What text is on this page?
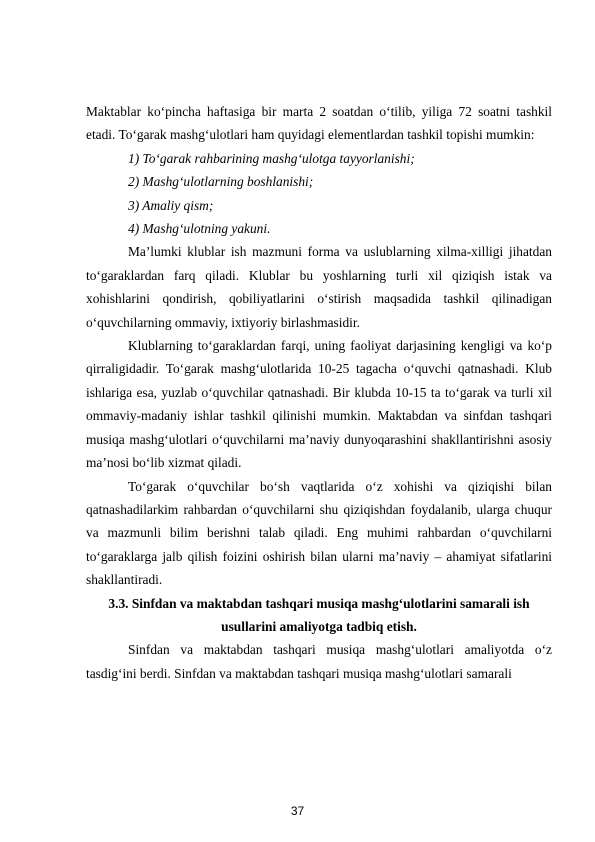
Maktablar ko‘pincha haftasiga bir marta 2 soatdan o‘tilib, yiliga 72 soatni tashkil etadi. To‘garak mashg‘ulotlari ham quyidagi elementlardan tashkil topishi mumkin:

1) To‘garak rahbarining mashg‘ulotga tayyorlanishi;

2) Mashg‘ulotlarning boshlanishi;

3) Amaliy qism;

4) Mashg‘ulotning yakuni.

Ma’lumki klublar ish mazmuni forma va uslublarning xilma-xilligi jihatdan to‘garaklardan farq qiladi. Klublar bu yoshlarning turli xil qiziqish istak va xohishlarini qondirish, qobiliyatlarini o‘stirish maqsadida tashkil qilinadigan o‘quvchilarning ommaviy, ixtiyoriy birlashmasidir.

Klublarning to‘garaklardan farqi, uning faoliyat darjasining kengligi va ko‘p qirraligidadir. To‘garak mashg‘ulotlarida 10-25 tagacha o‘quvchi qatnashadi. Klub ishlariga esa, yuzlab o‘quvchilar qatnashadi. Bir klubda 10-15 ta to‘garak va turli xil ommaviy-madaniy ishlar tashkil qilinishi mumkin. Maktabdan va sinfdan tashqari musiqa mashg‘ulotlari o‘quvchilarni ma’naviy dunyoqarashini shakllantirishni asosiy ma’nosi bo‘lib xizmat qiladi.

To‘garak o‘quvchilar bo‘sh vaqtlarida o‘z xohishi va qiziqishi bilan qatnashadilarkim rahbardan o‘quvchilarni shu qiziqishdan foydalanib, ularga chuqur va mazmunli bilim berishni talab qiladi. Eng muhimi rahbardan o‘quvchilarni to‘garaklarga jalb qilish foizini oshirish bilan ularni ma’naviy – ahamiyat sifatlarini shakllantiradi.

3.3. Sinfdan va maktabdan tashqari musiqa mashg‘ulotlarini samarali ish usullarini amaliyotga tadbiq etish.

Sinfdan va maktabdan tashqari musiqa mashg‘ulotlari amaliyotda o‘z tasdig‘ini berdi. Sinfdan va maktabdan tashqari musiqa mashg‘ulotlari samarali

37
